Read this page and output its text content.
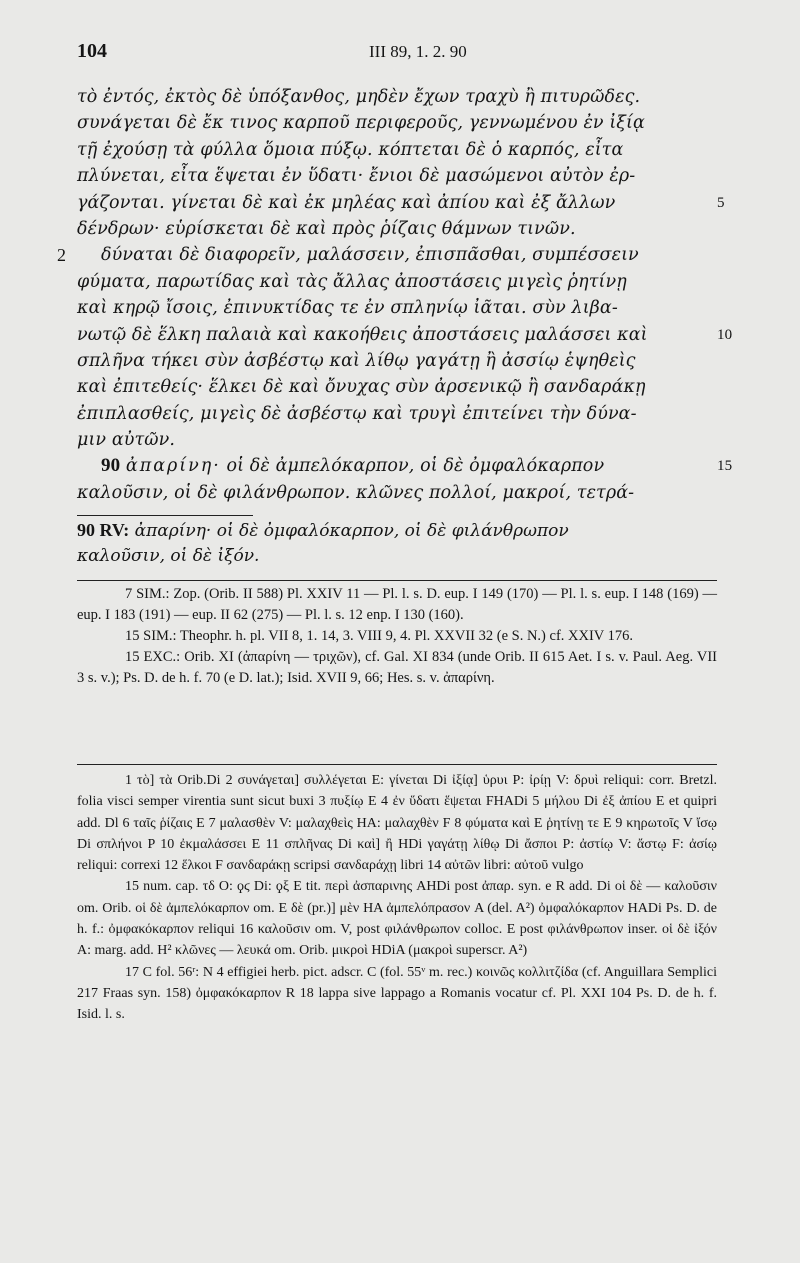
104	III 89, 1. 2. 90
τὸ ἐντός, ἐκτὸς δὲ ὑπόξανθος, μηδὲν ἔχων τραχὺ ἢ πιτυρῶδες.
συνάγεται δὲ ἔκ τινος καρποῦ περιφεροῦς, γεννωμένου ἐν ἰξίᾳ
τῇ ἐχούσῃ τὰ φύλλα ὅμοια πύξῳ. κόπτεται δὲ ὁ καρπός, εἶτα
πλύνεται, εἶτα ἕψεται ἐν ὕδατι· ἔνιοι δὲ μασώμενοι αὐτὸν ἐρ-
γάζονται. γίνεται δὲ καὶ ἐκ μηλέας καὶ ἀπίου καὶ ἐξ ἄλλων	5
δένδρων· εὑρίσκεται δὲ καὶ πρὸς ῥίζαις θάμνων τινῶν.
2 δύναται δὲ διαφορεῖν, μαλάσσειν, ἐπισπᾶσθαι, συμπέσσειν
φύματα, παρωτίδας καὶ τὰς ἄλλας ἀποστάσεις μιγεὶς ῥητίνῃ
καὶ κηρῷ ἴσοις, ἐπινυκτίδας τε ἐν σπληνίῳ ἰᾶται. σὺν λιβα-
νωτῷ δὲ ἕλκη παλαιὰ καὶ κακοήθεις ἀποστάσεις μαλάσσει καὶ	10
σπλῆνα τήκει σὺν ἀσβέστῳ καὶ λίθῳ γαγάτῃ ἢ ἀσσίῳ ἑψηθεὶς
καὶ ἐπιτεθείς· ἕλκει δὲ καὶ ὄνυχας σὺν ἀρσενικῷ ἢ σανδαράκῃ
ἐπιπλασθείς, μιγεὶς δὲ ἀσβέστῳ καὶ τρυγὶ ἐπιτείνει τὴν δύνα-
μιν αὐτῶν.
90 ἀπαρίνη· οἱ δὲ ἀμπελόκαρπον, οἱ δὲ ὀμφαλόκαρπον	15
καλοῦσιν, οἱ δὲ φιλάνθρωπον. κλῶνες πολλοί, μακροί, τετρά-
90 RV: ἀπαρίνη· οἱ δὲ ὀμφαλόκαρπον, οἱ δὲ φιλάνθρωπον
καλοῦσιν, οἱ δὲ ἰξόν.

7 SIM.: Zop. (Orib. II 588) Pl. XXIV 11 — Pl. l. s. D. eup. I 149 (170) — Pl. l. s. eup. I 148 (169) — eup. I 183 (191) — eup. II 62 (275) — Pl. l. s. 12 enp. I 130 (160).

15 SIM.: Theophr. h. pl. VII 8, 1. 14, 3. VIII 9, 4. Pl. XXVII 32 (e S. N.) cf. XXIV 176.

15 EXC.: Orib. XI (ἀπαρίνη — τριχῶν), cf. Gal. XI 834 (unde Orib. II 615 Aet. I s. v. Paul. Aeg. VII 3 s. v.); Ps. D. de h. f. 70 (e D. lat.); Isid. XVII 9, 66; Hes. s. v. ἀπαρίνη.

1 τὸ] τὰ Orib.Di 2 συνάγεται] συλλέγεται E: γίνεται Di ἰξίᾳ] ὑρυι P: ἰρίῃ V: δρυὶ reliqui: corr. Bretzl. folia visci semper virentia sunt sicut buxi 3 πυξίῳ E 4 ἐν ὕδατι ἕψεται FHADi 5 μήλου Di ἐξ ἀπίου E et quipri add. Dl 6 ταῖς ῥίζαις E 7 μαλασθὲν V: μαλαχθεὶς HA: μαλαχθὲν F 8 φύματα καὶ E ῥητίνῃ τε E 9 κηρωτοῖς V ἴσῳ Di σπλήνοι P 10 ἐκμαλάσσει E 11 σπλῆνας Di καὶ] ἢ HDi γαγάτῃ λίθῳ Di ἄσποι P: ἀστίῳ V: ἄστῳ F: ἀσίῳ reliqui: correxi 12 ἕλκοι F σανδαράκῃ scripsi σανδαράχῃ libri 14 αὐτῶν libri: αὐτοῦ vulgo

15 num. cap. τδ O: ϙϛ Di: ϙξ E tit. περὶ ἀσπαρινης AHDi post ἀπαρ. syn. e R add. Di οἱ δὲ — καλοῦσιν om. Orib. οἱ δὲ ἀμπελόκαρπον om. E δὲ (pr.)] μὲν HA ἀμπελόπρασον A (del. A²) ὀμφαλόκαρπον HADi Ps. D. de h. f.: ὀμφακόκαρπον reliqui 16 καλοῦσιν om. V, post φιλάνθρωπον colloc. E post φιλάνθρωπον inser. οἱ δὲ ἰξόν A: marg. add. H² κλῶνες — λευκά om. Orib. μικροὶ HDiA (μακροὶ superscr. A²)

17 C fol. 56ʳ: N 4 effigiei herb. pict. adscr. C (fol. 55ᵛ m. rec.) κοινῶς κολλιτζίδα (cf. Anguillara Semplici 217 Fraas syn. 158) ὀμφακόκαρπον R 18 lappa sive lappago a Romanis vocatur cf. Pl. XXI 104 Ps. D. de h. f. Isid. l. s.
